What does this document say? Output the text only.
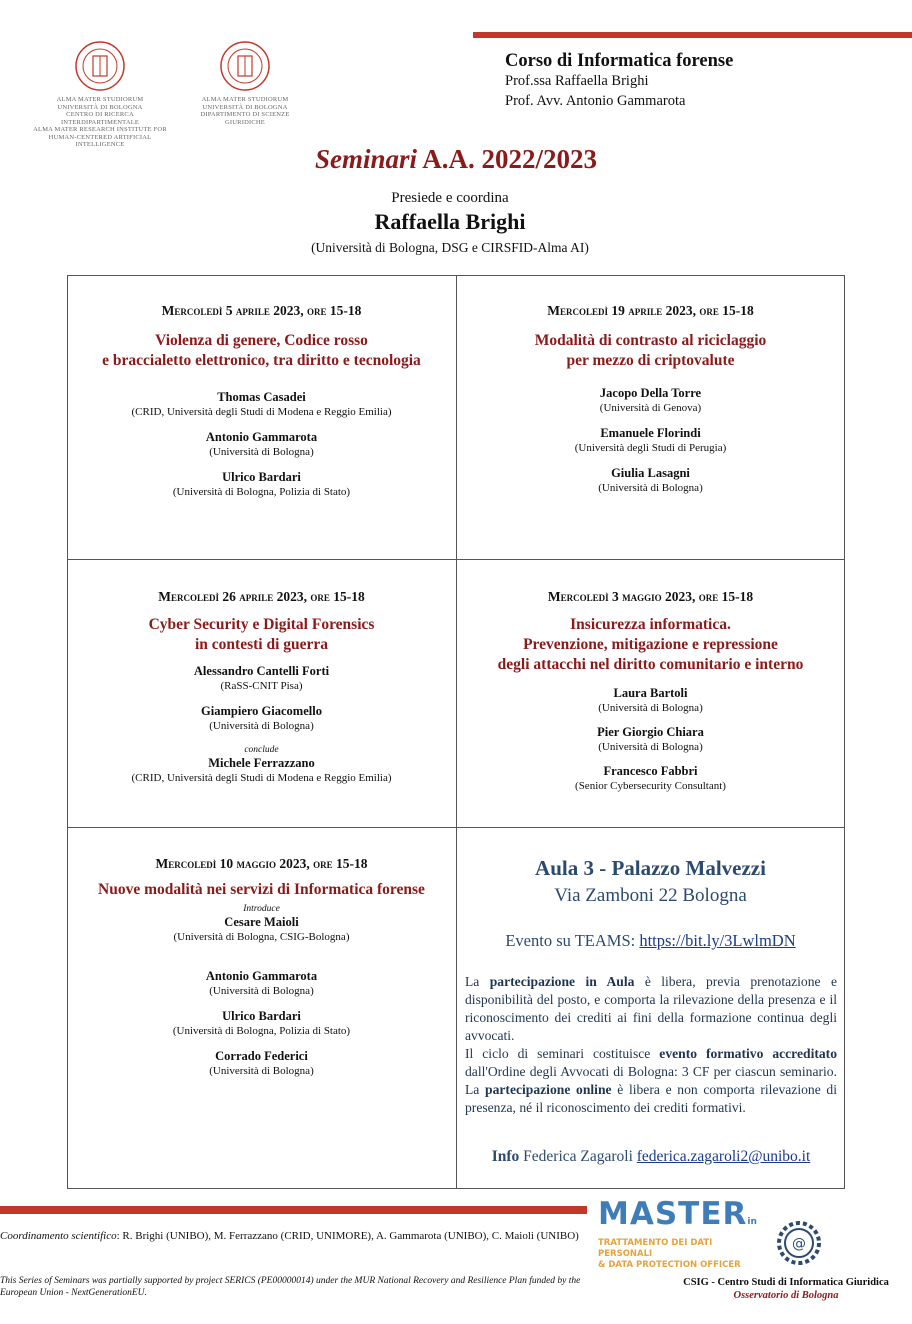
ALMA MATER STUDIORUM
UNIVERSITÀ DI BOLOGNA
CENTRO DI RICERCA INTERDIPARTIMENTALE
ALMA MATER RESEARCH INSTITUTE FOR
HUMAN-CENTERED ARTIFICIAL INTELLIGENCE
ALMA MATER STUDIORUM
UNIVERSITÀ DI BOLOGNA
DIPARTIMENTO DI SCIENZE GIURIDICHE
Corso di Informatica forense
Prof.ssa Raffaella Brighi
Prof. Avv. Antonio Gammarota
Seminari A.A. 2022/2023
Presiede e coordina
Raffaella Brighi
(Università di Bologna, DSG e CIRSFID-Alma AI)
Mercoledì 5 aprile 2023, ore 15-18
Violenza di genere, Codice rosso
e braccialetto elettronico, tra diritto e tecnologia
Thomas Casadei
(CRID, Università degli Studi di Modena e Reggio Emilia)
Antonio Gammarota
(Università di Bologna)
Ulrico Bardari
(Università di Bologna, Polizia di Stato)
Mercoledì 19 aprile 2023, ore 15-18
Modalità di contrasto al riciclaggio
per mezzo di criptovalute
Jacopo Della Torre
(Università di Genova)
Emanuele Florindi
(Università degli Studi di Perugia)
Giulia Lasagni
(Università di Bologna)
Mercoledì 26 aprile 2023, ore 15-18
Cyber Security e Digital Forensics
in contesti di guerra
Alessandro Cantelli Forti
(RaSS-CNIT Pisa)
Giampiero Giacomello
(Università di Bologna)
conclude
Michele Ferrazzano
(CRID, Università degli Studi di Modena e Reggio Emilia)
Mercoledì 3 maggio 2023, ore 15-18
Insicurezza informatica.
Prevenzione, mitigazione e repressione
degli attacchi nel diritto comunitario e interno
Laura Bartoli
(Università di Bologna)
Pier Giorgio Chiara
(Università di Bologna)
Francesco Fabbri
(Senior Cybersecurity Consultant)
Mercoledì 10 maggio 2023, ore 15-18
Nuove modalità nei servizi di Informatica forense
Introduce
Cesare Maioli
(Università di Bologna, CSIG-Bologna)
Antonio Gammarota
(Università di Bologna)
Ulrico Bardari
(Università di Bologna, Polizia di Stato)
Corrado Federici
(Università di Bologna)
Aula 3 - Palazzo Malvezzi
Via Zamboni 22 Bologna
Evento su TEAMS: https://bit.ly/3LwlmDN
La partecipazione in Aula è libera, previa prenotazione e disponibilità del posto, e comporta la rilevazione della presenza e il riconoscimento dei crediti ai fini della formazione continua degli avvocati.
Il ciclo di seminari costituisce evento formativo accreditato dall'Ordine degli Avvocati di Bologna: 3 CF per ciascun seminario. La partecipazione online è libera e non comporta rilevazione di presenza, né il riconoscimento dei crediti formativi.
Info Federica Zagaroli federica.zagaroli2@unibo.it
Coordinamento scientifico: R. Brighi (UNIBO), M. Ferrazzano (CRID, UNIMORE), A. Gammarota (UNIBO), C. Maioli (UNIBO)
This Series of Seminars was partially supported by project SERICS (PE00000014) under the MUR National Recovery and Resilience Plan funded by the European Union - NextGenerationEU.
MASTERin
TRATTAMENTO DEI DATI PERSONALI
& DATA PROTECTION OFFICER
@
CSIG - Centro Studi di Informatica Giuridica
Osservatorio di Bologna
